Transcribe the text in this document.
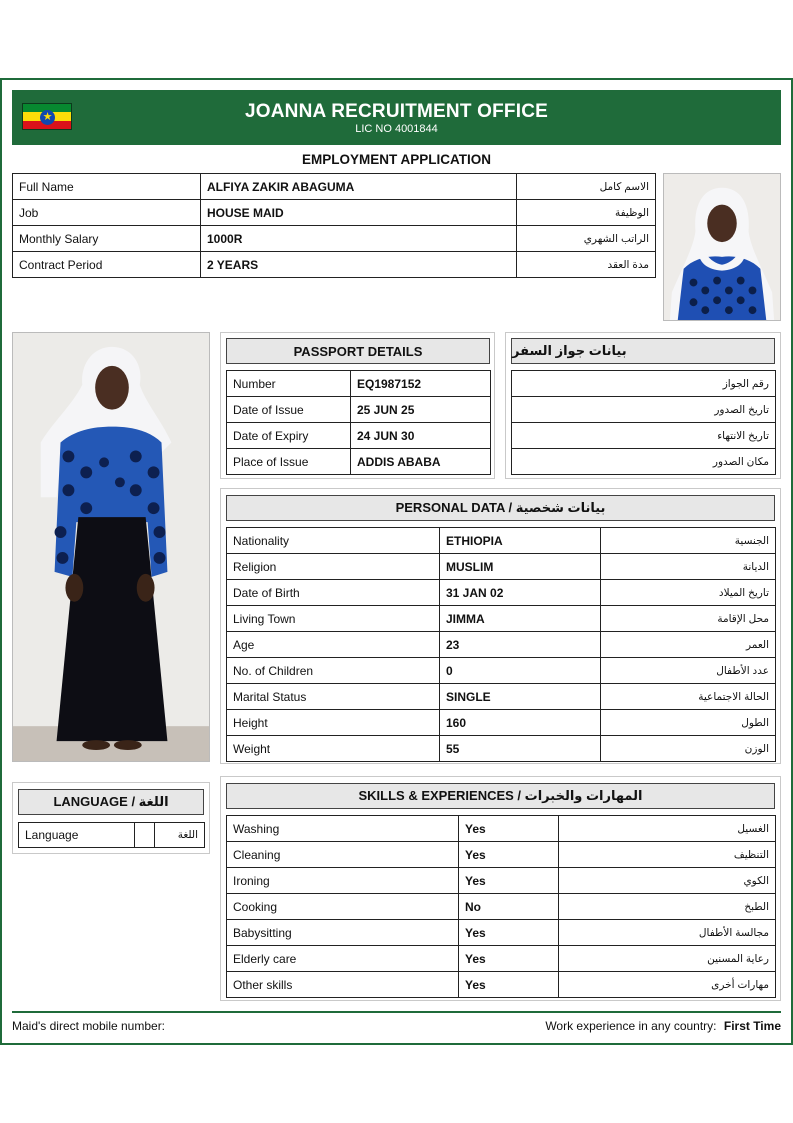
JOANNA RECRUITMENT OFFICE
LIC NO 4001844
★
EMPLOYMENT APPLICATION
Full Name	ALFIYA ZAKIR ABAGUMA	الاسم كامل
Job	HOUSE MAID	الوظيفة
Monthly Salary	1000R	الراتب الشهري
Contract Period	2 YEARS	مدة العقد
PASSPORT DETAILS	بيانات جواز السفر
Number	EQ1987152
Date of Issue	25 JUN 25
Date of Expiry	24 JUN 30
Place of Issue	ADDIS ABABA
رقم الجواز
تاريخ الصدور
تاريخ الانتهاء
مكان الصدور
PERSONAL DATA / بيانات شخصية
Nationality	ETHIOPIA	الجنسية
Religion	MUSLIM	الديانة
Date of Birth	31 JAN 02	تاريخ الميلاد
Living Town	JIMMA	محل الإقامة
Age	23	العمر
No. of Children	0	عدد الأطفال
Marital Status	SINGLE	الحالة الاجتماعية
Height	160	الطول
Weight	55	الوزن
LANGUAGE / اللغة
Language		اللغة
SKILLS & EXPERIENCES / المهارات والخبرات
Washing	Yes	الغسيل
Cleaning	Yes	التنظيف
Ironing	Yes	الكوي
Cooking	No	الطبخ
Babysitting	Yes	مجالسة الأطفال
Elderly care	Yes	رعاية المسنين
Other skills	Yes	مهارات أخرى
Maid's direct mobile number:	Work experience in any country: First Time
